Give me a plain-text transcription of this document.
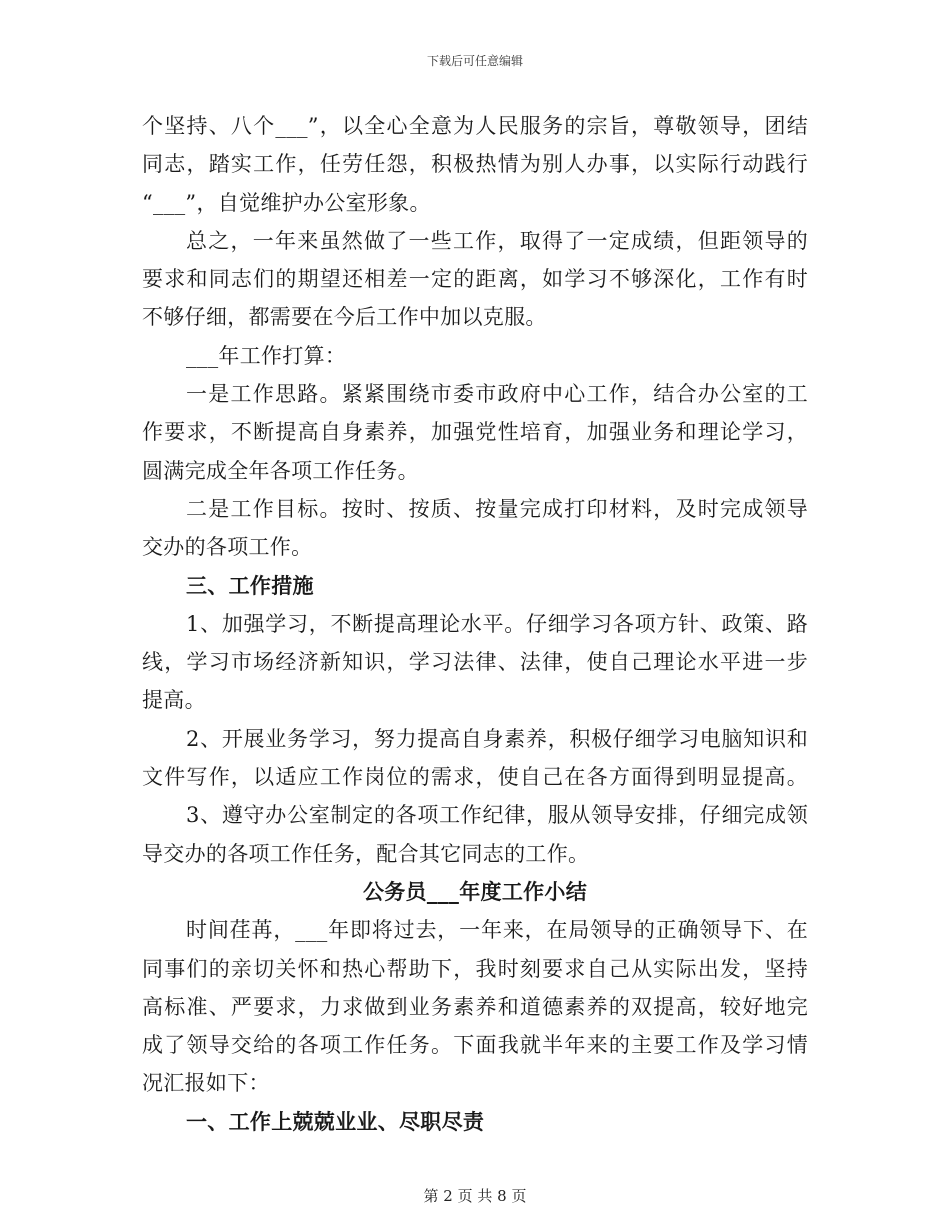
下载后可任意编辑
个坚持、八个___”，以全心全意为人民服务的宗旨，尊敬领导，团结
同志，踏实工作，任劳任怨，积极热情为别人办事，以实际行动践行
“___”，自觉维护办公室形象。
总之，一年来虽然做了一些工作，取得了一定成绩，但距领导的
要求和同志们的期望还相差一定的距离，如学习不够深化，工作有时
不够仔细，都需要在今后工作中加以克服。
___年工作打算：
一是工作思路。紧紧围绕市委市政府中心工作，结合办公室的工
作要求，不断提高自身素养，加强党性培育，加强业务和理论学习，
圆满完成全年各项工作任务。
二是工作目标。按时、按质、按量完成打印材料，及时完成领导
交办的各项工作。
三、工作措施
1、加强学习，不断提高理论水平。仔细学习各项方针、政策、路
线，学习市场经济新知识，学习法律、法律，使自己理论水平进一步
提高。
2、开展业务学习，努力提高自身素养，积极仔细学习电脑知识和
文件写作，以适应工作岗位的需求，使自己在各方面得到明显提高。
3、遵守办公室制定的各项工作纪律，服从领导安排，仔细完成领
导交办的各项工作任务，配合其它同志的工作。
公务员___年度工作小结
时间荏苒，___年即将过去，一年来，在局领导的正确领导下、在
同事们的亲切关怀和热心帮助下，我时刻要求自己从实际出发，坚持
高标准、严要求，力求做到业务素养和道德素养的双提高，较好地完
成了领导交给的各项工作任务。下面我就半年来的主要工作及学习情
况汇报如下：
一、工作上兢兢业业、尽职尽责
第 2 页 共 8 页
